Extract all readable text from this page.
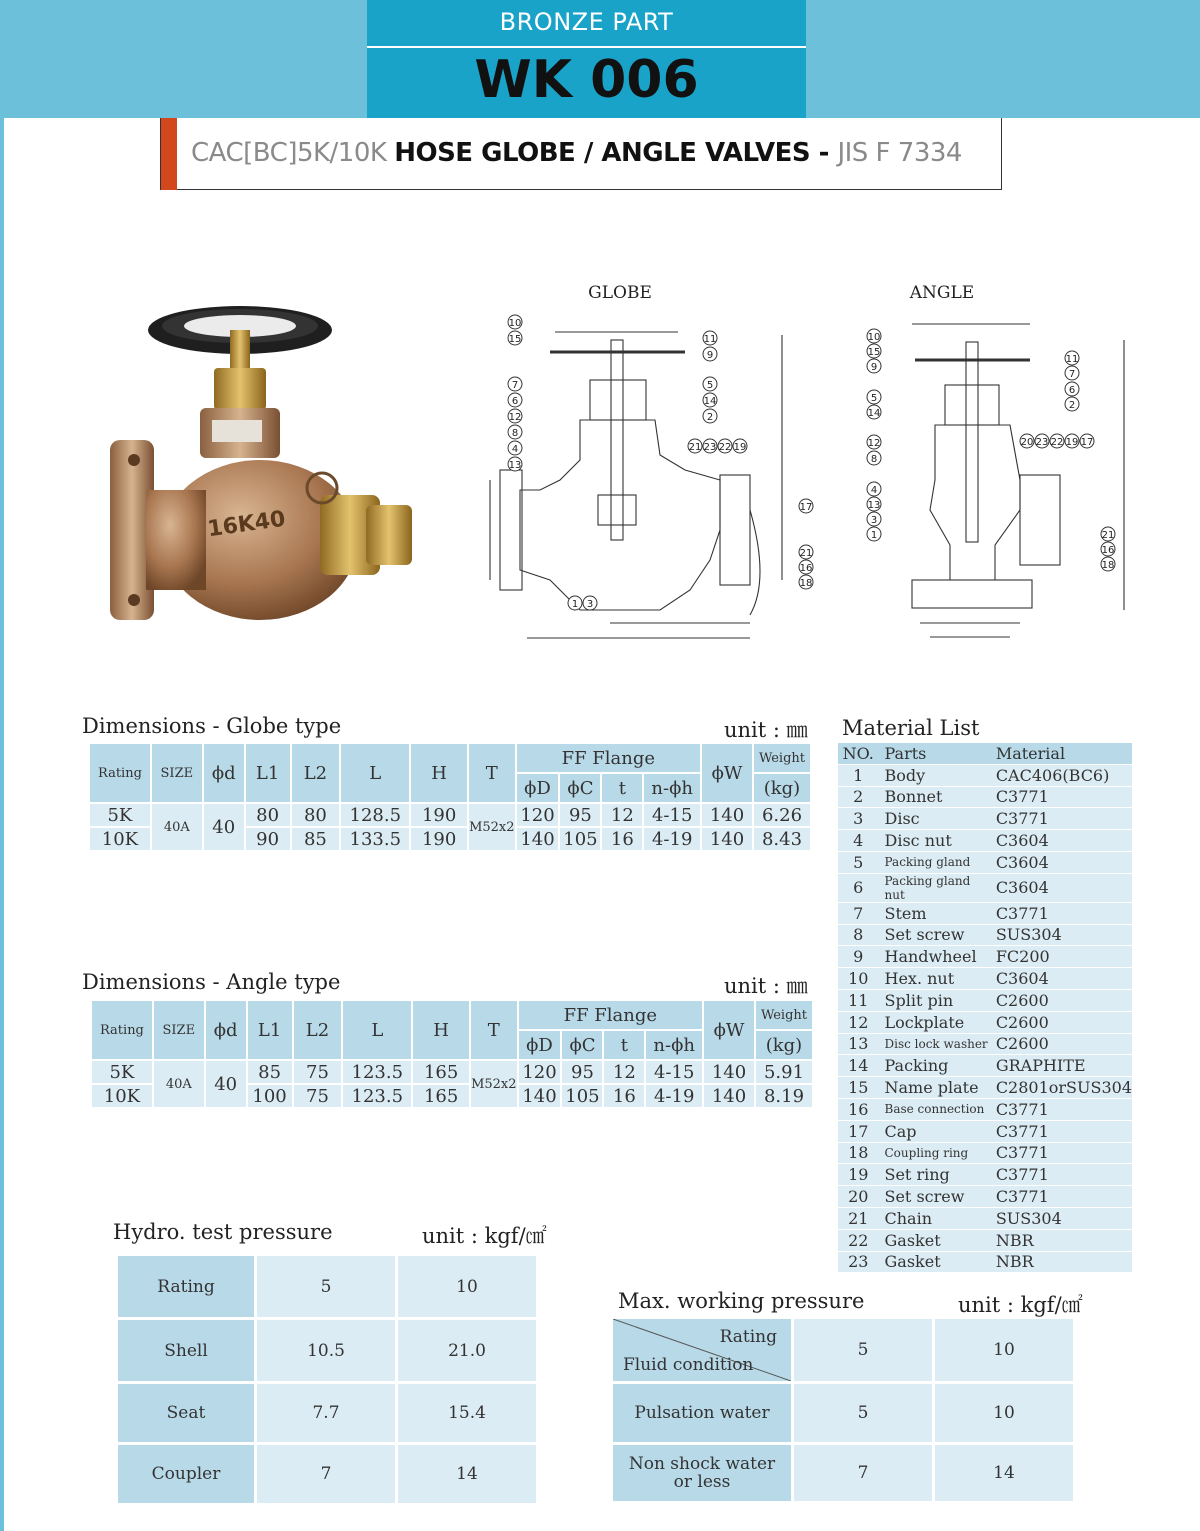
BRONZE PART
WK 006
CAC[BC]5K/10K HOSE GLOBE / ANGLE VALVES - JIS F 7334
16K40
GLOBE
10
15	11
9
7
6
12
8
4
13
5
14
2
21 23 22 19
17
21
16
18
1 3
ANGLE
10
15
9
5
14
12
8
4
13
3
1
11
7
6
2
20 23 22 19 17
21
16
18
Dimensions - Globe type	unit : ㎜
Rating	SIZE	ϕd	L1	L2	L	H	T	FF Flange				ϕW	Weight
								ϕD	ϕC	t	n-ϕh		(kg)
5K	40A	40	80	80	128.5	190	M52x2	120	95	12	4-15	140	6.26
10K			90	85	133.5	190		140	105	16	4-19	140	8.43
Dimensions - Angle type	unit : ㎜
Rating	SIZE	ϕd	L1	L2	L	H	T	FF Flange				ϕW	Weight
								ϕD	ϕC	t	n-ϕh		(kg)
5K	40A	40	85	75	123.5	165	M52x2	120	95	12	4-15	140	5.91
10K			100	75	123.5	165		140	105	16	4-19	140	8.19
Material List
NO.	Parts	Material
1	Body	CAC406(BC6)
2	Bonnet	C3771
3	Disc	C3771
4	Disc nut	C3604
5	Packing gland	C3604
6	Packing gland nut	C3604
7	Stem	C3771
8	Set screw	SUS304
9	Handwheel	FC200
10	Hex. nut	C3604
11	Split pin	C2600
12	Lockplate	C2600
13	Disc lock washer	C2600
14	Packing	GRAPHITE
15	Name plate	C2801orSUS304
16	Base connection	C3771
17	Cap	C3771
18	Coupling ring	C3771
19	Set ring	C3771
20	Set screw	C3771
21	Chain	SUS304
22	Gasket	NBR
23	Gasket	NBR
Hydro. test pressure	unit : kgf/㎠
Rating	5	10
Shell	10.5	21.0
Seat	7.7	15.4
Coupler	7	14
Max. working pressure	unit : kgf/㎠
Rating
Fluid condition	5	10
Pulsation water	5	10
Non shock water
or less	7	14
